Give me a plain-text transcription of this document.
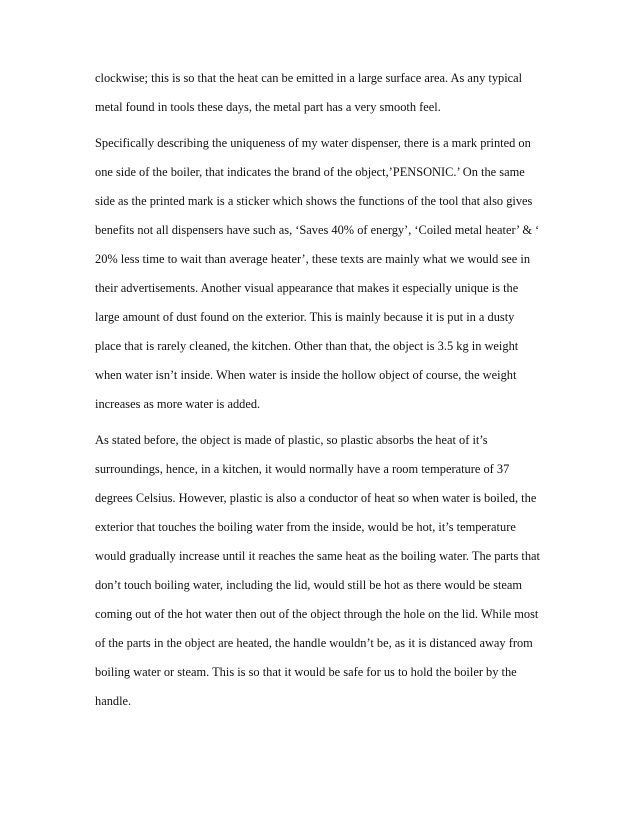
clockwise; this is so that the heat can be emitted in a large surface area. As any typical
metal found in tools these days, the metal part has a very smooth feel.
Specifically describing the uniqueness of my water dispenser, there is a mark printed on
one side of the boiler, that indicates the brand of the object,’PENSONIC.’ On the same
side as the printed mark is a sticker which shows the functions of the tool that also gives
benefits not all dispensers have such as, ‘Saves 40% of energy’, ‘Coiled metal heater’ & ‘
20% less time to wait than average heater’, these texts are mainly what we would see in
their advertisements. Another visual appearance that makes it especially unique is the
large amount of dust found on the exterior. This is mainly because it is put in a dusty
place that is rarely cleaned, the kitchen. Other than that, the object is 3.5 kg in weight
when water isn’t inside. When water is inside the hollow object of course, the weight
increases as more water is added.
As stated before, the object is made of plastic, so plastic absorbs the heat of it’s
surroundings, hence, in a kitchen, it would normally have a room temperature of 37
degrees Celsius. However, plastic is also a conductor of heat so when water is boiled, the
exterior that touches the boiling water from the inside, would be hot, it’s temperature
would gradually increase until it reaches the same heat as the boiling water. The parts that
don’t touch boiling water, including the lid, would still be hot as there would be steam
coming out of the hot water then out of the object through the hole on the lid. While most
of the parts in the object are heated, the handle wouldn’t be, as it is distanced away from
boiling water or steam. This is so that it would be safe for us to hold the boiler by the
handle.
